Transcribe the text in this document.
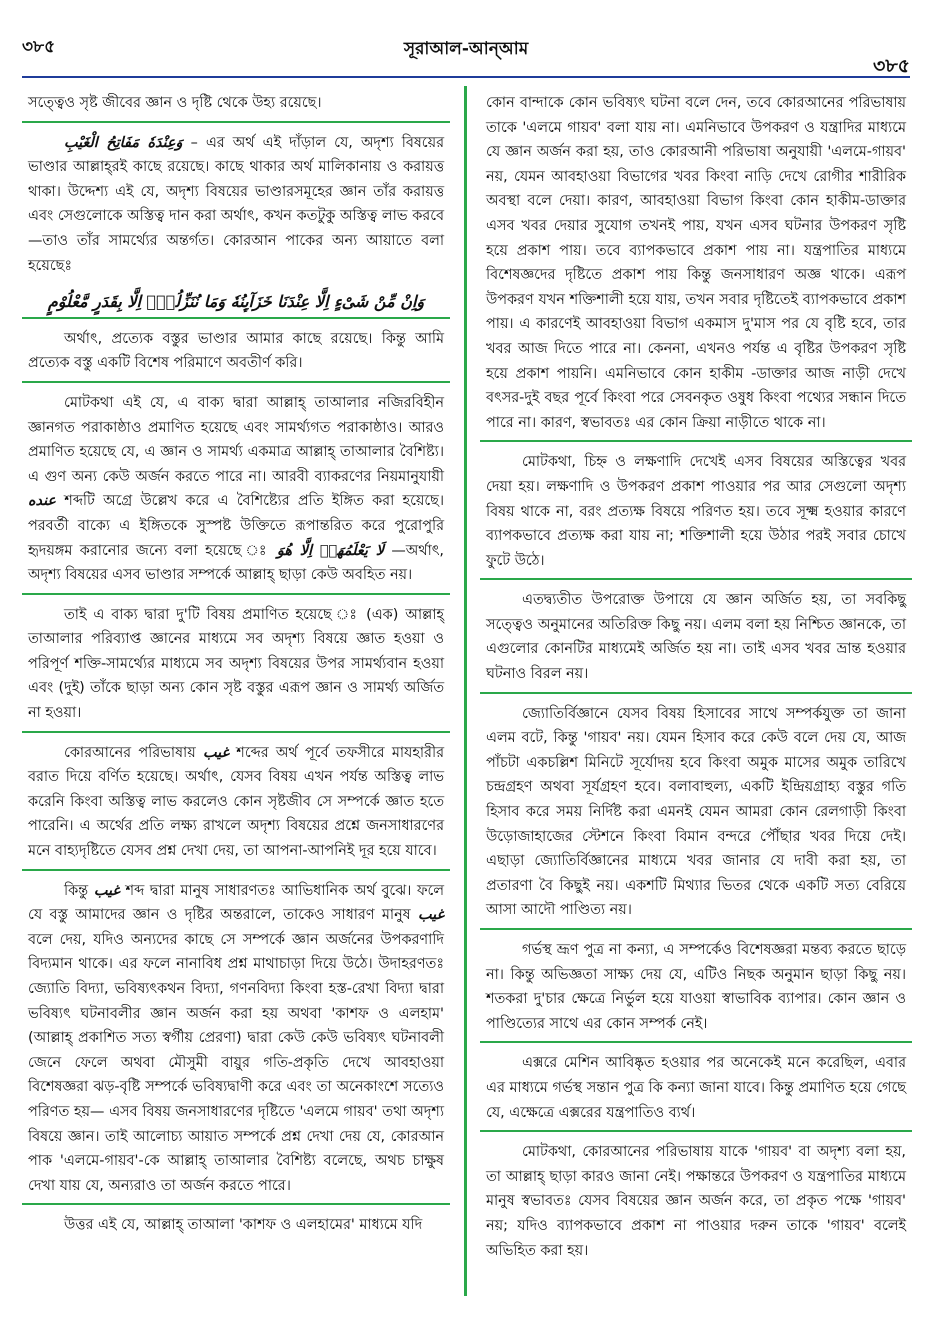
৩৮৫	সূরাআল-আন্‌আম
৩৮৫

সত্ত্বেও সৃষ্ট জীবের জ্ঞান ও দৃষ্টি থেকে উহ্য রয়েছে।

وَعِنْدَهٗ مَفَاتِحُ الْغَيْبِ – এর অর্থ এই দাঁড়াল যে, অদৃশ্য বিষয়ের ভাণ্ডার আল্লাহ্‌রই কাছে রয়েছে। কাছে থাকার অর্থ মালিকানায় ও করায়ত্ত থাকা। উদ্দেশ্য এই যে, অদৃশ্য বিষয়ের ভাণ্ডারসমূহের জ্ঞান তাঁর করায়ত্ত এবং সেগুলোকে অস্তিত্ব দান করা অর্থাৎ, কখন কতটুকু অস্তিত্ব লাভ করবে —তাও তাঁর সামর্থ্যের অন্তর্গত। কোরআন পাকের অন্য আয়াতে বলা হয়েছেঃ

وَاِنْ مِّنْ شَیْءٍ اِلَّا عِنْدَنَا خَزَآىِٕنُهٗ وَمَا نُنَزِّلُهٗۤ اِلَّا بِقَدَرٍ مَّعْلُوْمٍ

অর্থাৎ, প্রত্যেক বস্তুর ভাণ্ডার আমার কাছে রয়েছে। কিন্তু আমি প্রত্যেক বস্তু একটি বিশেষ পরিমাণে অবতীর্ণ করি।

মোটকথা এই যে, এ বাক্য দ্বারা আল্লাহ্‌ তাআলার নজিরবিহীন জ্ঞানগত পরাকাষ্ঠাও প্রমাণিত হয়েছে এবং সামর্থ্যগত পরাকাষ্ঠাও। আরও প্রমাণিত হয়েছে যে, এ জ্ঞান ও সামর্থ্য একমাত্র আল্লাহ্‌ তাআলার বৈশিষ্ট্য। এ গুণ অন্য কেউ অর্জন করতে পারে না। আরবী ব্যাকরণের নিয়মানুযায়ী عنده শব্দটি অগ্রে উল্লেখ করে এ বৈশিষ্ট্যের প্রতি ইঙ্গিত করা হয়েছে। পরবর্তী বাক্যে এ ইঙ্গিতকে সুস্পষ্ট উক্তিতে রূপান্তরিত করে পুরোপুরি হৃদয়ঙ্গম করানোর জন্যে বলা হয়েছে ঃ لَا يَعْلَمُهَاۤ اِلَّا هُوَ —অর্থাৎ, অদৃশ্য বিষয়ের এসব ভাণ্ডার সম্পর্কে আল্লাহ্‌ ছাড়া কেউ অবহিত নয়।

তাই এ বাক্য দ্বারা দু'টি বিষয় প্রমাণিত হয়েছে ঃ (এক) আল্লাহ্‌ তাআলার পরিব্যাপ্ত জ্ঞানের মাধ্যমে সব অদৃশ্য বিষয়ে জ্ঞাত হওয়া ও পরিপূর্ণ শক্তি-সামর্থ্যের মাধ্যমে সব অদৃশ্য বিষয়ের উপর সামর্থ্যবান হওয়া এবং (দুই) তাঁকে ছাড়া অন্য কোন সৃষ্ট বস্তুর এরূপ জ্ঞান ও সামর্থ্য অর্জিত না হওয়া।

কোরআনের পরিভাষায় غيب শব্দের অর্থ পূর্বে তফসীরে মাযহারীর বরাত দিয়ে বর্ণিত হয়েছে। অর্থাৎ, যেসব বিষয় এখন পর্যন্ত অস্তিত্ব লাভ করেনি কিংবা অস্তিত্ব লাভ করলেও কোন সৃষ্টজীব সে সম্পর্কে জ্ঞাত হতে পারেনি। এ অর্থের প্রতি লক্ষ্য রাখলে অদৃশ্য বিষয়ের প্রশ্নে জনসাধারণের মনে বাহ্যদৃষ্টিতে যেসব প্রশ্ন দেখা দেয়, তা আপনা-আপনিই দূর হয়ে যাবে।

কিন্তু غيب শব্দ দ্বারা মানুষ সাধারণতঃ আভিধানিক অর্থ বুঝে। ফলে যে বস্তু আমাদের জ্ঞান ও দৃষ্টির অন্তরালে, তাকেও সাধারণ মানুষ غيب বলে দেয়, যদিও অন্যদের কাছে সে সম্পর্কে জ্ঞান অর্জনের উপকরণাদি বিদ্যমান থাকে। এর ফলে নানাবিধ প্রশ্ন মাথাচাড়া দিয়ে উঠে। উদাহরণতঃ জ্যোতি বিদ্যা, ভবিষ্যৎকথন বিদ্যা, গণনবিদ্যা কিংবা হস্ত-রেখা বিদ্যা দ্বারা ভবিষ্যৎ ঘটনাবলীর জ্ঞান অর্জন করা হয় অথবা 'কাশফ ও এলহাম' (আল্লাহ্‌ প্রকাশিত সত্য স্বর্গীয় প্রেরণা) দ্বারা কেউ কেউ ভবিষ্যৎ ঘটনাবলী জেনে ফেলে অথবা মৌসুমী বায়ুর গতি-প্রকৃতি দেখে আবহাওয়া বিশেষজ্ঞরা ঝড়-বৃষ্টি সম্পর্কে ভবিষ্যদ্বাণী করে এবং তা অনেকাংশে সত্যেও পরিণত হয়— এসব বিষয় জনসাধারণের দৃষ্টিতে 'এলমে গায়ব' তথা অদৃশ্য বিষয়ে জ্ঞান। তাই আলোচ্য আয়াত সম্পর্কে প্রশ্ন দেখা দেয় যে, কোরআন পাক 'এলমে-গায়ব'-কে আল্লাহ্‌ তাআলার বৈশিষ্ট্য বলেছে, অথচ চাক্ষুষ দেখা যায় যে, অন্যরাও তা অর্জন করতে পারে।

উত্তর এই যে, আল্লাহ্‌ তাআলা 'কাশফ ও এলহামের' মাধ্যমে যদি

কোন বান্দাকে কোন ভবিষ্যৎ ঘটনা বলে দেন, তবে কোরআনের পরিভাষায় তাকে 'এলমে গায়ব' বলা যায় না। এমনিভাবে উপকরণ ও যন্ত্রাদির মাধ্যমে যে জ্ঞান অর্জন করা হয়, তাও কোরআনী পরিভাষা অনুযায়ী 'এলমে-গায়ব' নয়, যেমন আবহাওয়া বিভাগের খবর কিংবা নাড়ি দেখে রোগীর শারীরিক অবস্থা বলে দেয়া। কারণ, আবহাওয়া বিভাগ কিংবা কোন হাকীম-ডাক্তার এসব খবর দেয়ার সুযোগ তখনই পায়, যখন এসব ঘটনার উপকরণ সৃষ্টি হয়ে প্রকাশ পায়। তবে ব্যাপকভাবে প্রকাশ পায় না। যন্ত্রপাতির মাধ্যমে বিশেষজ্ঞদের দৃষ্টিতে প্রকাশ পায় কিন্তু জনসাধারণ অজ্ঞ থাকে। এরূপ উপকরণ যখন শক্তিশালী হয়ে যায়, তখন সবার দৃষ্টিতেই ব্যাপকভাবে প্রকাশ পায়। এ কারণেই আবহাওয়া বিভাগ একমাস দু'মাস পর যে বৃষ্টি হবে, তার খবর আজ দিতে পারে না। কেননা, এখনও পর্যন্ত এ বৃষ্টির উপকরণ সৃষ্টি হয়ে প্রকাশ পায়নি। এমনিভাবে কোন হাকীম -ডাক্তার আজ নাড়ী দেখে বৎসর-দুই বছর পূর্বে কিংবা পরে সেবনকৃত ওষুধ কিংবা পথ্যের সন্ধান দিতে পারে না। কারণ, স্বভাবতঃ এর কোন ক্রিয়া নাড়ীতে থাকে না।

মোটকথা, চিহ্ন ও লক্ষণাদি দেখেই এসব বিষয়ের অস্তিত্বের খবর দেয়া হয়। লক্ষণাদি ও উপকরণ প্রকাশ পাওয়ার পর আর সেগুলো অদৃশ্য বিষয় থাকে না, বরং প্রত্যক্ষ বিষয়ে পরিণত হয়। তবে সূক্ষ্ম হওয়ার কারণে ব্যাপকভাবে প্রত্যক্ষ করা যায় না; শক্তিশালী হয়ে উঠার পরই সবার চোখে ফুটে উঠে।

এতদ্ব্যতীত উপরোক্ত উপায়ে যে জ্ঞান অর্জিত হয়, তা সবকিছু সত্ত্বেও অনুমানের অতিরিক্ত কিছু নয়। এলম বলা হয় নিশ্চিত জ্ঞানকে, তা এগুলোর কোনটির মাধ্যমেই অর্জিত হয় না। তাই এসব খবর ভ্রান্ত হওয়ার ঘটনাও বিরল নয়।

জ্যোতির্বিজ্ঞানে যেসব বিষয় হিসাবের সাথে সম্পর্কযুক্ত তা জানা এলম বটে, কিন্তু 'গায়ব' নয়। যেমন হিসাব করে কেউ বলে দেয় যে, আজ পাঁচটা একচল্লিশ মিনিটে সূর্যোদয় হবে কিংবা অমুক মাসের অমুক তারিখে চন্দ্রগ্রহণ অথবা সূর্যগ্রহণ হবে। বলাবাহুল্য, একটি ইন্দ্রিয়গ্রাহ্য বস্তুর গতি হিসাব করে সময় নির্দিষ্ট করা এমনই যেমন আমরা কোন রেলগাড়ী কিংবা উড়োজাহাজের স্টেশনে কিংবা বিমান বন্দরে পৌঁছার খবর দিয়ে দেই। এছাড়া জ্যোতির্বিজ্ঞানের মাধ্যমে খবর জানার যে দাবী করা হয়, তা প্রতারণা বৈ কিছুই নয়। একশটি মিথ্যার ভিতর থেকে একটি সত্য বেরিয়ে আসা আদৌ পাণ্ডিত্য নয়।

গর্ভস্থ ভ্রূণ পুত্র না কন্যা, এ সম্পর্কেও বিশেষজ্ঞরা মন্তব্য করতে ছাড়ে না। কিন্তু অভিজ্ঞতা সাক্ষ্য দেয় যে, এটিও নিছক অনুমান ছাড়া কিছু নয়। শতকরা দু'চার ক্ষেত্রে নির্ভুল হয়ে যাওয়া স্বাভাবিক ব্যাপার। কোন জ্ঞান ও পাণ্ডিত্যের সাথে এর কোন সম্পর্ক নেই।

এক্সরে মেশিন আবিষ্কৃত হওয়ার পর অনেকেই মনে করেছিল, এবার এর মাধ্যমে গর্ভস্থ সন্তান পুত্র কি কন্যা জানা যাবে। কিন্তু প্রমাণিত হয়ে গেছে যে, এক্ষেত্রে এক্সরের যন্ত্রপাতিও ব্যর্থ।

মোটকথা, কোরআনের পরিভাষায় যাকে 'গায়ব' বা অদৃশ্য বলা হয়, তা আল্লাহ্‌ ছাড়া কারও জানা নেই। পক্ষান্তরে উপকরণ ও যন্ত্রপাতির মাধ্যমে মানুষ স্বভাবতঃ যেসব বিষয়ের জ্ঞান অর্জন করে, তা প্রকৃত পক্ষে 'গায়ব' নয়; যদিও ব্যাপকভাবে প্রকাশ না পাওয়ার দরুন তাকে 'গায়ব' বলেই অভিহিত করা হয়।
